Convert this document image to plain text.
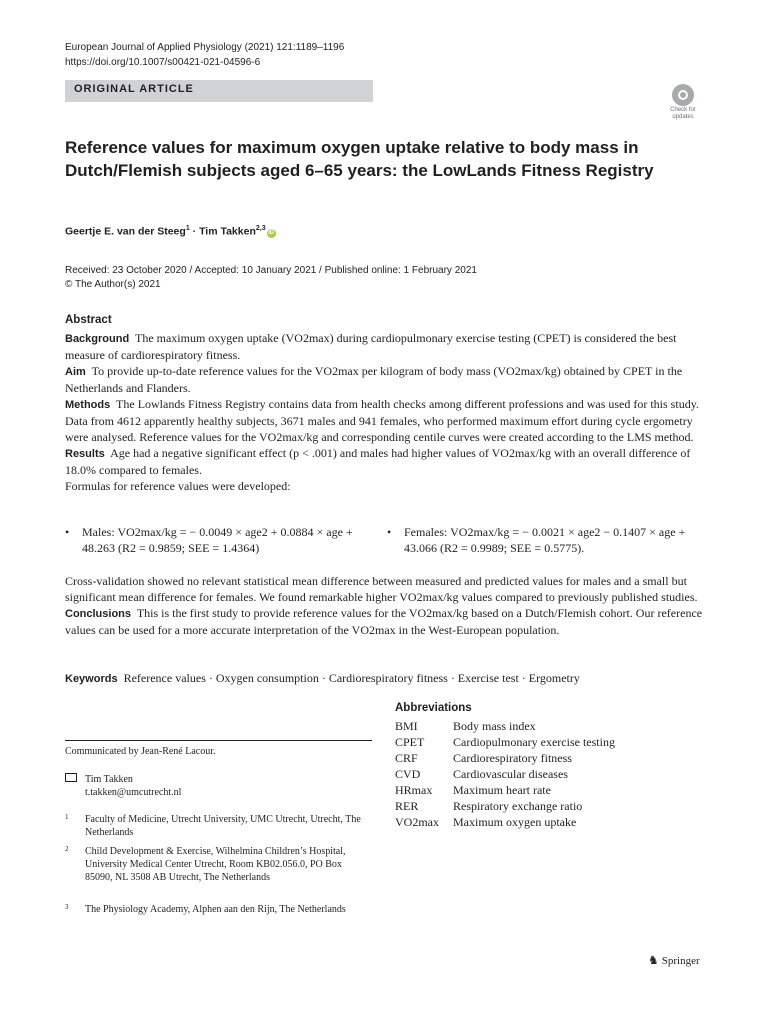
European Journal of Applied Physiology (2021) 121:1189–1196
https://doi.org/10.1007/s00421-021-04596-6
ORIGINAL ARTICLE
Check for
updates
Reference values for maximum oxygen uptake relative to body mass in Dutch/Flemish subjects aged 6–65 years: the LowLands Fitness Registry
Geertje E. van der Steeg$^1$ · Tim Takken$^{2,3}$iD
Received: 23 October 2020 / Accepted: 10 January 2021 / Published online: 1 February 2021
© The Author(s) 2021
Abstract

Background The maximum oxygen uptake (VO2max) during cardiopulmonary exercise testing (CPET) is considered the best measure of cardiorespiratory fitness.

Aim To provide up-to-date reference values for the VO2max per kilogram of body mass (VO2max/kg) obtained by CPET in the Netherlands and Flanders.

Methods The Lowlands Fitness Registry contains data from health checks among different professions and was used for this study. Data from 4612 apparently healthy subjects, 3671 males and 941 females, who performed maximum effort during cycle ergometry were analysed. Reference values for the VO2max/kg and corresponding centile curves were created according to the LMS method.

Results Age had a negative significant effect (p < .001) and males had higher values of VO2max/kg with an overall difference of 18.0% compared to females.

Formulas for reference values were developed:

• Males: VO2max/kg = − 0.0049 × age2 + 0.0884 × age + 48.263 (R2 = 0.9859; SEE = 1.4364)
• Females: VO2max/kg = − 0.0021 × age2 − 0.1407 × age + 43.066 (R2 = 0.9989; SEE = 0.5775).

Cross-validation showed no relevant statistical mean difference between measured and predicted values for males and a small but significant mean difference for females. We found remarkable higher VO2max/kg values compared to previously published studies.

Conclusions This is the first study to provide reference values for the VO2max/kg based on a Dutch/Flemish cohort. Our reference values can be used for a more accurate interpretation of the VO2max in the West-European population.

Keywords Reference values · Oxygen consumption · Cardiorespiratory fitness · Exercise test · Ergometry
Abbreviations
BMI	Body mass index
CPET Cardiopulmonary exercise testing
CRF	Cardiorespiratory fitness
CVD	Cardiovascular diseases
HRmax Maximum heart rate
RER	Respiratory exchange ratio
VO2max Maximum oxygen uptake
Communicated by Jean-René Lacour.
Tim Takken
t.takken@umcutrecht.nl
1 Faculty of Medicine, Utrecht University, UMC Utrecht, Utrecht, The Netherlands
2 Child Development & Exercise, Wilhelmina Children’s Hospital, University Medical Center Utrecht, Room KB02.056.0, PO Box 85090, NL 3508 AB Utrecht, The Netherlands
3 The Physiology Academy, Alphen aan den Rijn, The Netherlands
♞ Springer
